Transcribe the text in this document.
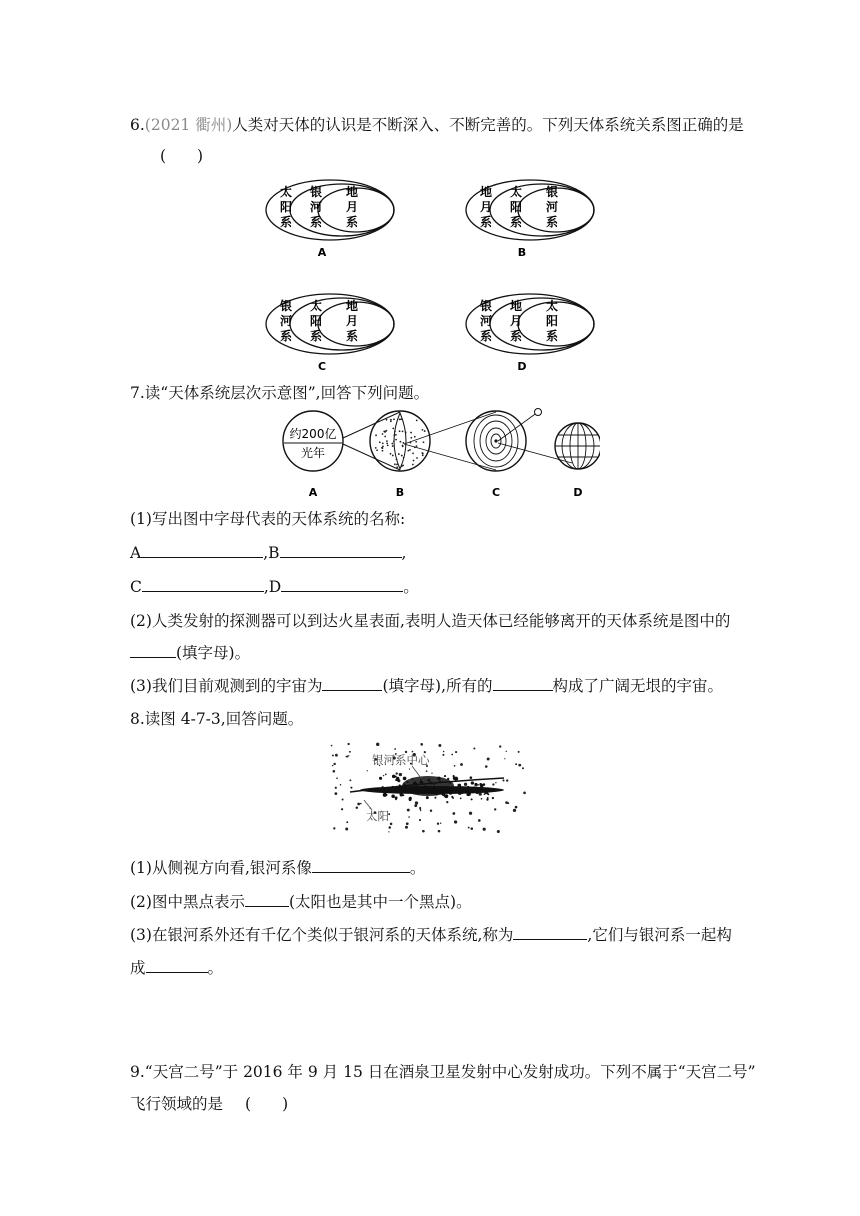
6.(2021 衢州)人类对天体的认识是不断深入、不断完善的。下列天体系统关系图正确的是
(　　)
太
阳
系
银
河
系
地
月
系
A
地
月
系
太
阳
系
银
河
系
B
银
河
系
太
阳
系
地
月
系
C
银
河
系
地
月
系
太
阳
系
D
7.读“天体系统层次示意图”,回答下列问题。
约200亿
光年
A	B	C	D
(1)写出图中字母代表的天体系统的名称:
A	,B	,
C	,D	。
(2)人类发射的探测器可以到达火星表面,表明人造天体已经能够离开的天体系统是图中的
(填字母)。
(3)我们目前观测到的宇宙为	(填字母),所有的	构成了广阔无垠的宇宙。
8.读图 4-7-3,回答问题。
银河系中心
太阳
(1)从侧视方向看,银河系像	。
(2)图中黑点表示	(太阳也是其中一个黑点)。
(3)在银河系外还有千亿个类似于银河系的天体系统,称为	,它们与银河系一起构
成	。
9.“天宫二号”于 2016 年 9 月 15 日在酒泉卫星发射中心发射成功。下列不属于“天宫二号”
飞行领域的是 (　　)
